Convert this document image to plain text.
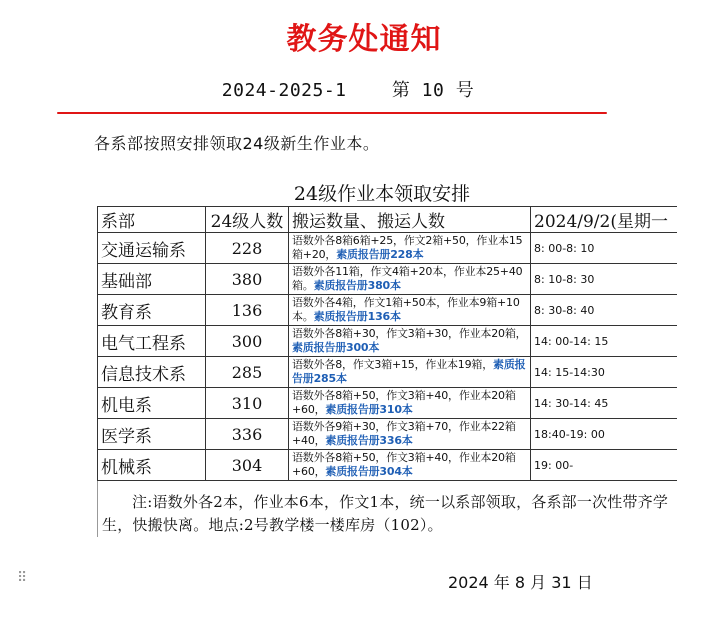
教务处通知
2024-2025-1    第 10 号
各系部按照安排领取24级新生作业本。
24级作业本领取安排
系部	24级人数	搬运数量、搬运人数	2024/9/2(星期一
交通运输系	228	语数外各8箱6箱+25，作文2箱+50，作业本15箱+20，素质报告册228本	8: 00-8: 10
基础部	380	语数外各11箱，作文4箱+20本，作业本25+40箱。素质报告册380本	8: 10-8: 30
教育系	136	语数外各4箱，作文1箱+50本，作业本9箱+10本。素质报告册136本	8: 30-8: 40
电气工程系	300	语数外各8箱+30，作文3箱+30，作业本20箱，素质报告册300本	14: 00-14: 15
信息技术系	285	语数外各8，作文3箱+15，作业本19箱，素质报告册285本	14: 15-14:30
机电系	310	语数外各8箱+50，作文3箱+40，作业本20箱+60，素质报告册310本	14: 30-14: 45
医学系	336	语数外各9箱+30，作文3箱+70，作业本22箱+40，素质报告册336本	18:40-19: 00
机械系	304	语数外各8箱+50，作文3箱+40，作业本20箱+60，素质报告册304本	19: 00-
注:语数外各2本，作业本6本，作文1本，统一以系部领取，各系部一次性带齐学生，快搬快离。地点:2号教学楼一楼库房（102）。
⠿	2024 年 8 月 31 日
